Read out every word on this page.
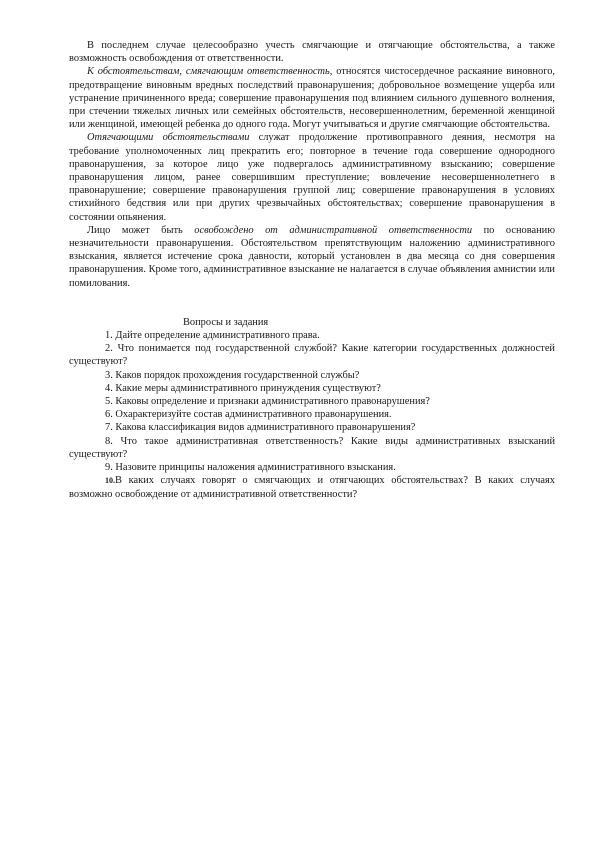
В последнем случае целесообразно учесть смягчающие и отягчающие обстоятельства, а также возможность освобождения от ответственности.

К обстоятельствам, смягчающим ответственность, относятся чистосердечное раскаяние виновного, предотвращение виновным вредных последствий правонарушения; добровольное возмещение ущерба или устранение причиненного вреда; совершение правонарушения под влиянием сильного душевного волнения, при стечении тяжелых личных или семейных обстоятельств, несовершеннолетним, беременной женщиной или женщиной, имеющей ребенка до одного года. Могут учитываться и другие смягчающие обстоятельства.

Отягчающими обстоятельствами служат продолжение противоправного деяния, несмотря на требование уполномоченных лиц прекратить его; повторное в течение года совершение однородного правонарушения, за которое лицо уже подвергалось административному взысканию; совершение правонарушения лицом, ранее совершившим преступление; вовлечение несовершеннолетнего в правонарушение; совершение правонарушения группой лиц; совершение правонарушения в условиях стихийного бедствия или при других чрезвычайных обстоятельствах; совершение правонарушения в состоянии опьянения.

Лицо может быть освобождено от административной ответственности по основанию незначительности правонарушения. Обстоятельством препятствующим наложению административного взыскания, является истечение срока давности, который установлен в два месяца со дня совершения правонарушения. Кроме того, административное взыскание не налагается в случае объявления амнистии или помилования.

Вопросы и задания

1. Дайте определение административного права.

2. Что понимается под государственной службой? Какие категории государственных должностей существуют?

3. Каков порядок прохождения государственной службы?

4. Какие меры административного принуждения существуют?

5. Каковы определение и признаки административного правонарушения?

6. Охарактеризуйте состав административного правонарушения.

7. Какова классификация видов административного правонарушения?

8. Что такое административная ответственность? Какие виды административных взысканий существуют?

9. Назовите принципы наложения административного взыскания.

10.В каких случаях говорят о смягчающих и отягчающих обстоятельствах? В каких случаях возможно освобождение от административной ответственности?
